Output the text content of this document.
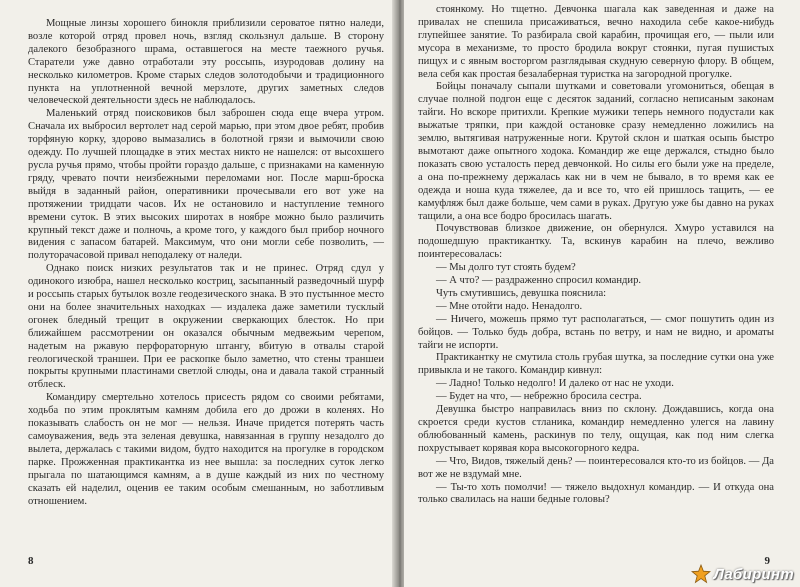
Мощные линзы хорошего бинокля приблизили сероватое пятно наледи, возле которой отряд провел ночь, взгляд скользнул дальше. В сторону далекого безобразного шрама, оставшегося на месте таежного ручья. Старатели уже давно отработали эту россыпь, изуродовав долину на несколько километров. Кроме старых следов золотодобычи и традиционного пункта на уплотненной вечной мерзлоте, других заметных следов человеческой деятельности здесь не наблюдалось.

Маленький отряд поисковиков был заброшен сюда еще вчера утром. Сначала их выбросил вертолет над серой марью, при этом двое ребят, пробив торфяную корку, здорово вымазались в болотной грязи и вымочили свою одежду. По лучшей площадке в этих местах никто не нашелся: от высохшего русла ручья прямо, чтобы пройти гораздо дальше, с признаками на каменную гряду, чревато почти неизбежными переломами ног. После марш-броска выйдя в заданный район, оперативники прочесывали его вот уже на протяжении тридцати часов. Их не остановило и наступление темного времени суток. В этих высоких широтах в ноябре можно было различить крупный текст даже и полночь, а кроме того, у каждого был прибор ночного видения с запасом батарей. Максимум, что они могли себе позволить, — полуторачасовой привал неподалеку от наледи.

Однако поиск низких результатов так и не принес. Отряд сдул у одинокого изюбра, нашел несколько костриц, засыпанный разведочный шурф и россыпь старых бутылок возле геодезического знака. В это пустынное место они на более значительных находках — издалека даже заметили тусклый огонек бледный трещит в окружении сверкающих блесток. Но при ближайшем рассмотрении он оказался обычным медвежьим черепом, надетым на ржавую перфораторную штангу, вбитую в отвалы старой геологической траншеи. При ее раскопке было заметно, что стены траншеи покрыты крупными пластинами светлой слюды, она и давала такой странный отблеск.

Командиру смертельно хотелось присесть рядом со своими ребятами, ходьба по этим проклятым камням добила его до дрожи в коленях. Но показывать слабость он не мог — нельзя. Иначе придется потерять часть самоуважения, ведь эта зеленая девушка, навязанная в группу незадолго до вылета, держалась с такими видом, будто находится на прогулке в городском парке. Прожженная практикантка из нее вышла: за последних суток легко прыгала по шатающимся камням, а в душе каждый из них по честному сказать ей наделил, оценив ее таким особым смешанным, но заботливым отношением.

8

стоянкому. Но тщетно. Девчонка шагала как заведенная и даже на привалах не спешила присаживаться, вечно находила себе какое-нибудь глупейшее занятие. То разбирала свой карабин, прочищая его, — пыли или мусора в механизме, то просто бродила вокруг стоянки, пугая пушистых пищух и с явным восторгом разглядывая скудную северную флору. В общем, вела себя как простая безалаберная туристка на загородной прогулке.

Бойцы поначалу сыпали шутками и советовали угомониться, обещая в случае полной подгон еще с десяток заданий, согласно неписаным законам тайги. Но вскоре притихли. Крепкие мужики теперь немного подустали как выжатые тряпки, при каждой остановке сразу немедленно ложились на землю, вытягивая натруженные ноги. Крутой склон и шаткая осыпь быстро вымотают даже опытного ходока. Командир же еще держался, стыдно было показать свою усталость перед девчонкой. Но силы его были уже на пределе, а она по-прежнему держалась как ни в чем не бывало, в то время как ее одежда и ноша куда тяжелее, да и все то, что ей пришлось тащить, — ее камуфляж был даже больше, чем сами в руках. Другую уже бы давно на руках тащили, а она все бодро бросилась шагать.

Почувствовав близкое движение, он обернулся. Хмуро уставился на подошедшую практикантку. Та, вскинув карабин на плечо, вежливо поинтересовалась:

— Мы долго тут стоять будем?

— А что? — раздраженно спросил командир.

Чуть смутившись, девушка пояснила:

— Мне отойти надо. Ненадолго.

— Ничего, можешь прямо тут располагаться, — смог пошутить один из бойцов. — Только будь добра, встань по ветру, и нам не видно, и ароматы тайги не испорти.

Практикантку не смутила столь грубая шутка, за последние сутки она уже привыкла и не такого. Командир кивнул:

— Ладно! Только недолго! И далеко от нас не уходи.

— Будет на что, — небрежно бросила сестра.

Девушка быстро направилась вниз по склону. Дождавшись, когда она скроется среди кустов стланика, командир немедленно улегся на лавину облюбованный камень, раскинув по телу, ощущая, как под ним слегка похрустывает корявая кора высокогорного кедра.

— Что, Видов, тяжелый день? — поинтересовался кто-то из бойцов. — Да вот же не вздумай мне.

— Ты-то хоть помолчи! — тяжело выдохнул командир. — И откуда она только свалилась на наши бедные головы?

9
Лабиринт
